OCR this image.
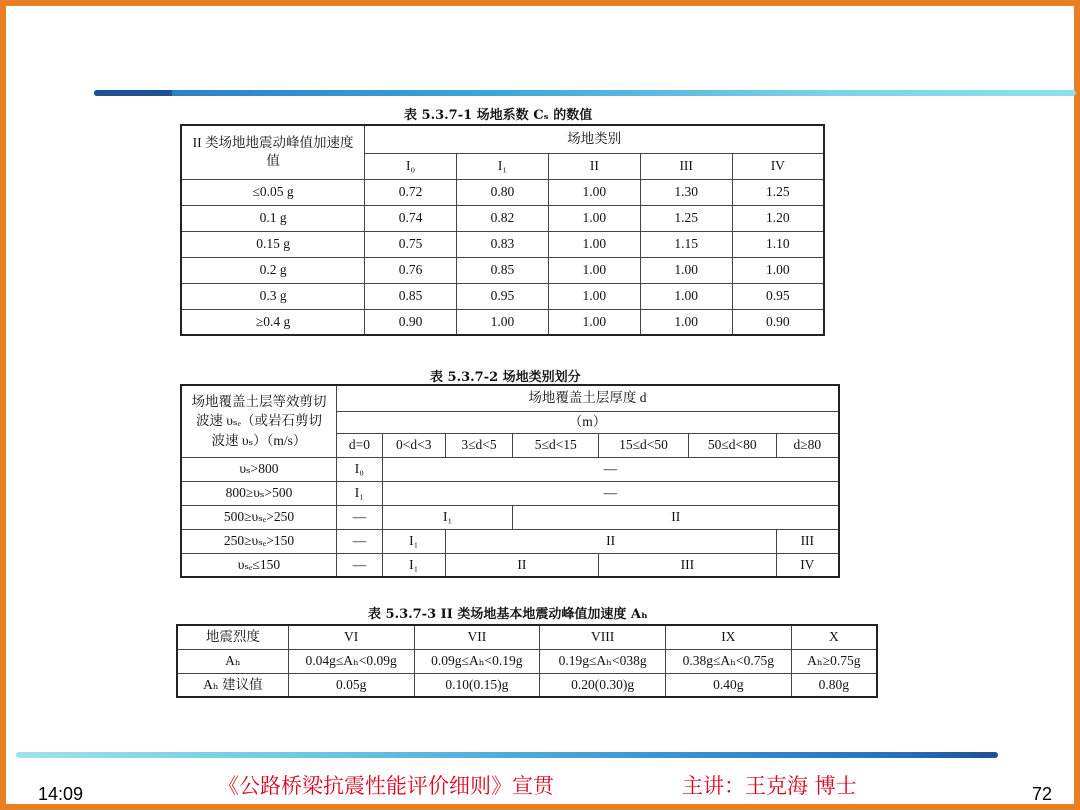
表 5.3.7-1 场地系数 Cₛ 的数值
II 类场地地震动峰值加速度值	场地类别				
	I₀	I₁	II	III	IV
≤0.05 g	0.72	0.80	1.00	1.30	1.25
0.1 g	0.74	0.82	1.00	1.25	1.20
0.15 g	0.75	0.83	1.00	1.15	1.10
0.2 g	0.76	0.85	1.00	1.00	1.00
0.3 g	0.85	0.95	1.00	1.00	0.95
≥0.4 g	0.90	1.00	1.00	1.00	0.90
表 5.3.7-2 场地类别划分
场地覆盖土层等效剪切波速 υₛₑ（或岩石剪切波速 υₛ）（m/s）	场地覆盖土层厚度 d						
	（m）						
	d=0	0<d<3	3≤d<5	5≤d<15	15≤d<50	50≤d<80	d≥80
υₛ>800	I₀	—					
800≥υₛ>500	I₁	—					
500≥υₛₑ>250	—	I₁		II			
250≥υₛₑ>150	—	I₁	II				III
υₛₑ≤150	—	I₁	II		III		IV
表 5.3.7-3 II 类场地基本地震动峰值加速度 Aₕ
地震烈度	VI	VII	VIII	IX	X
Aₕ	0.04g≤Aₕ<0.09g	0.09g≤Aₕ<0.19g	0.19g≤Aₕ<038g	0.38g≤Aₕ<0.75g	Aₕ≥0.75g
Aₕ 建议值	0.05g	0.10(0.15)g	0.20(0.30)g	0.40g	0.80g
14:09	《公路桥梁抗震性能评价细则》宣贯	主讲：王克海 博士	72
